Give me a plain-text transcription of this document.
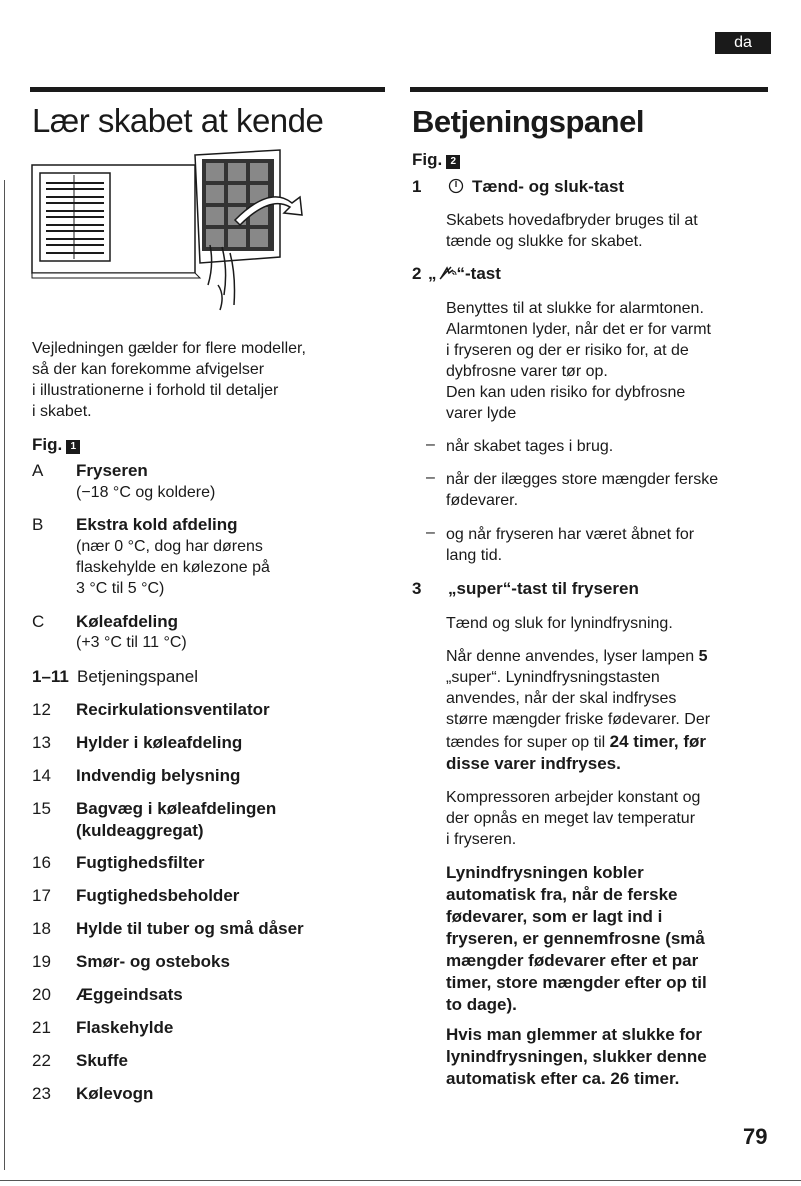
da
Lær skabet at kende
Vejledningen gælder for flere modeller,
så der kan forekomme afvigelser
i illustrationerne i forhold til detaljer
i skabet.
Fig. 1
A	Fryseren
(−18 °C og koldere)
B	Ekstra kold afdeling
(nær 0 °C, dog har dørens
flaskehylde en kølezone på
3 °C til 5 °C)
C	Køleafdeling
(+3 °C til 11 °C)
1–11 Betjeningspanel
12	Recirkulationsventilator
13	Hylder i køleafdeling
14	Indvendig belysning
15	Bagvæg i køleafdelingen
(kuldeaggregat)
16	Fugtighedsfilter
17	Fugtighedsbeholder
18	Hylde til tuber og små dåser
19	Smør- og osteboks
20	Æggeindsats
21	Flaskehylde
22	Skuffe
23	Kølevogn
Betjeningspanel
Fig. 2
1	Tænd- og sluk-tast
Skabets hovedafbryder bruges til at
tænde og slukke for skabet.
2 „ “-tast
Benyttes til at slukke for alarmtonen.
Alarmtonen lyder, når det er for varmt
i fryseren og der er risiko for, at de
dybfrosne varer tør op.
Den kan uden risiko for dybfrosne
varer lyde
– når skabet tages i brug.
– når der ilægges store mængder ferske
fødevarer.
– og når fryseren har været åbnet for
lang tid.
3 „super“-tast til fryseren
Tænd og sluk for lynindfrysning.
Når denne anvendes, lyser lampen 5
„super“. Lynindfrysningstasten
anvendes, når der skal indfryses
større mængder friske fødevarer. Der
tændes for super op til 24 timer, før
disse varer indfryses.
Kompressoren arbejder konstant og
der opnås en meget lav temperatur
i fryseren.
Lynindfrysningen kobler
automatisk fra, når de ferske
fødevarer, som er lagt ind i
fryseren, er gennemfrosne (små
mængder fødevarer efter et par
timer, store mængder efter op til
to dage).
Hvis man glemmer at slukke for
lynindfrysningen, slukker denne
automatisk efter ca. 26 timer.
79
